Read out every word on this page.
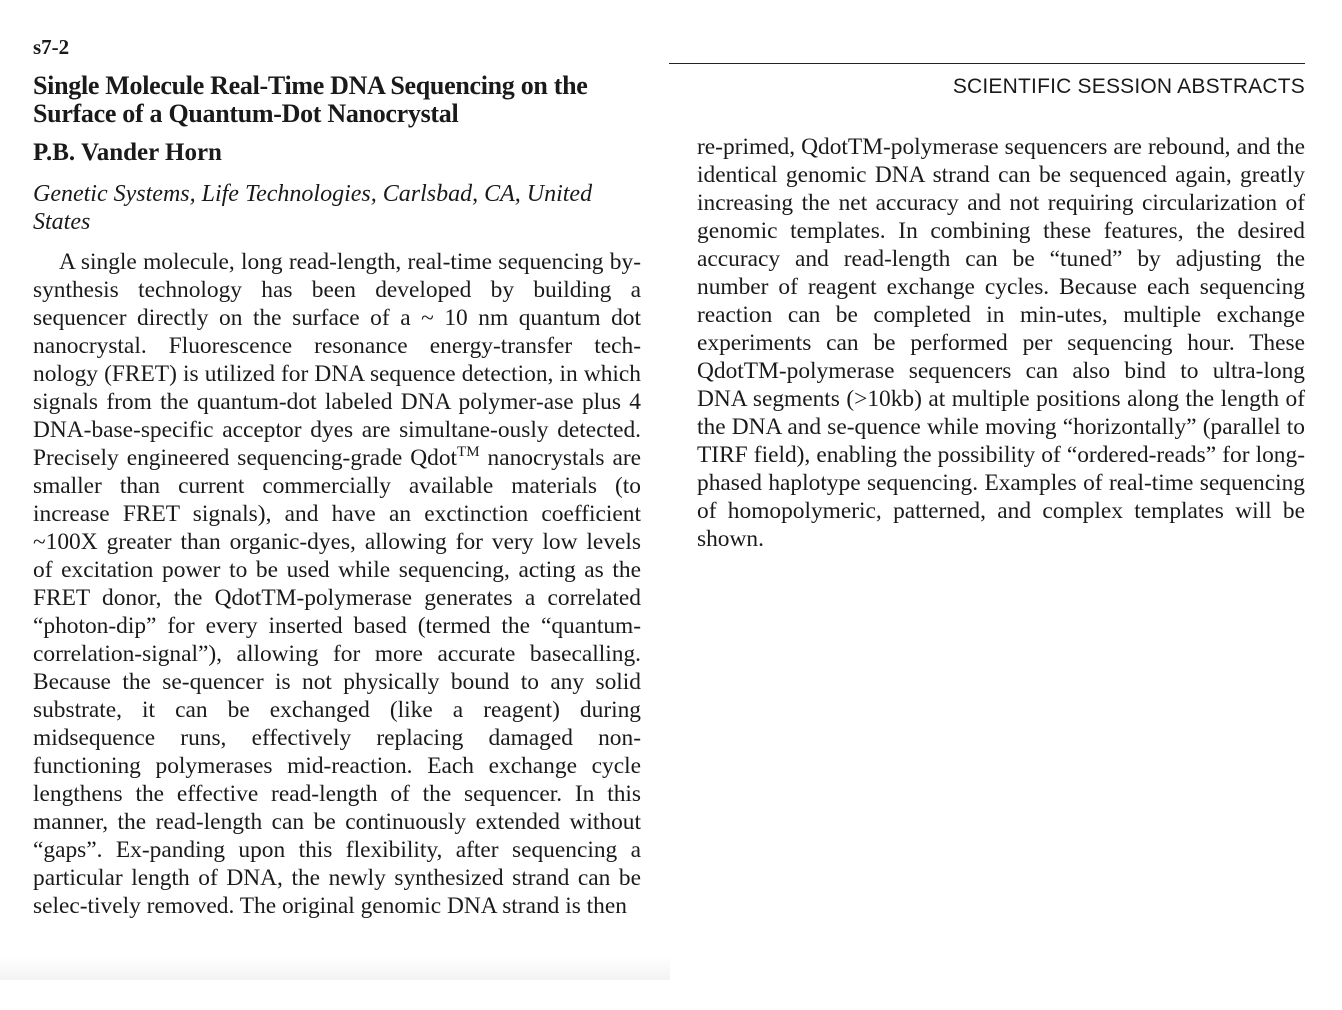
s7-2
Single Molecule Real-Time DNA Sequencing on the Surface of a Quantum-Dot Nanocrystal
P.B. Vander Horn
Genetic Systems, Life Technologies, Carlsbad, CA, United States

A single molecule, long read-length, real-time sequencing by- synthesis technology has been developed by building a sequencer directly on the surface of a ~ 10 nm quantum dot nanocrystal. Fluorescence resonance energy-transfer tech-nology (FRET) is utilized for DNA sequence detection, in which signals from the quantum-dot labeled DNA polymer-ase plus 4 DNA-base-specific acceptor dyes are simultane-ously detected. Precisely engineered sequencing-grade Qdot™ nanocrystals are smaller than current commercially available materials (to increase FRET signals), and have an exctinction coefficient ~100X greater than organic-dyes, allowing for very low levels of excitation power to be used while sequencing, acting as the FRET donor, the QdotTM-polymerase generates a correlated “photon-dip” for every inserted based (termed the “quantum-correlation-signal”), allowing for more accurate basecalling. Because the se-quencer is not physically bound to any solid substrate, it can be exchanged (like a reagent) during midsequence runs, effectively replacing damaged non-functioning polymerases mid-reaction. Each exchange cycle lengthens the effective read-length of the sequencer. In this manner, the read-length can be continuously extended without “gaps”. Ex-panding upon this flexibility, after sequencing a particular length of DNA, the newly synthesized strand can be selec-tively removed. The original genomic DNA strand is then

SCIENTIFIC SESSION ABSTRACTS

re-primed, QdotTM-polymerase sequencers are rebound, and the identical genomic DNA strand can be sequenced again, greatly increasing the net accuracy and not requiring circularization of genomic templates. In combining these features, the desired accuracy and read-length can be “tuned” by adjusting the number of reagent exchange cycles. Because each sequencing reaction can be completed in min-utes, multiple exchange experiments can be performed per sequencing hour. These QdotTM-polymerase sequencers can also bind to ultra-long DNA segments (>10kb) at multiple positions along the length of the DNA and se-quence while moving “horizontally” (parallel to TIRF field), enabling the possibility of “ordered-reads” for long-phased haplotype sequencing. Examples of real-time sequencing of homopolymeric, patterned, and complex templates will be shown.
